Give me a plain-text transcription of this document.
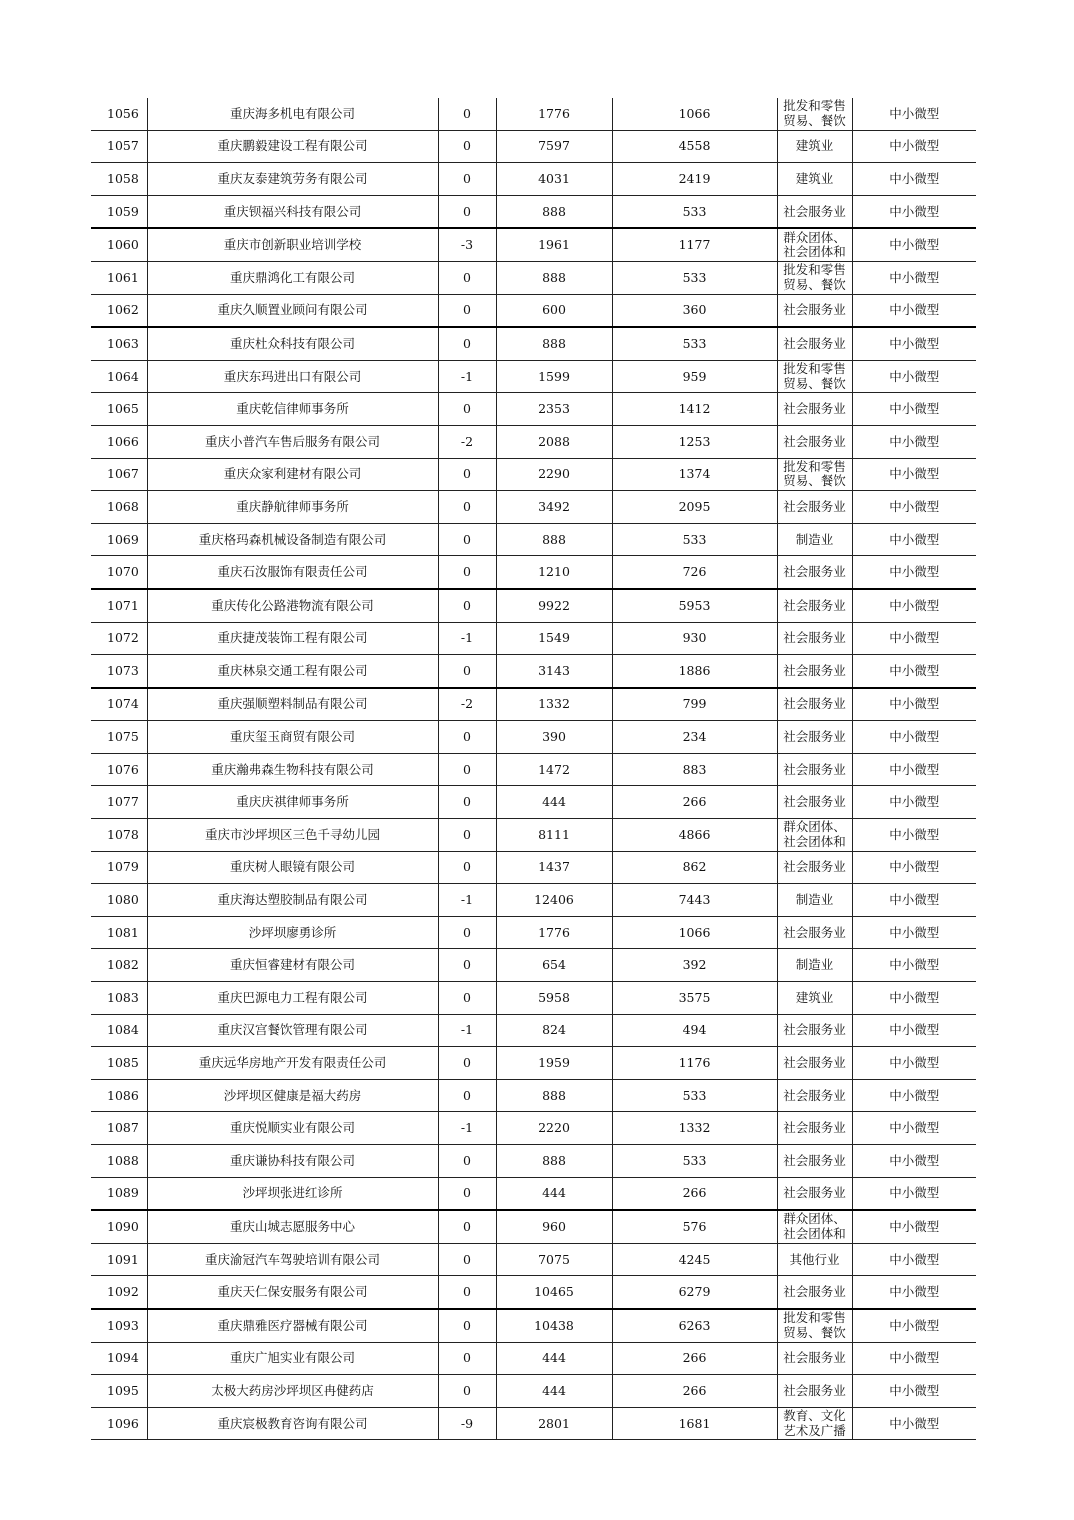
1056	重庆海多机电有限公司	0	1776	1066	批发和零售贸易、餐饮	中小微型
1057	重庆鹏毅建设工程有限公司	0	7597	4558	建筑业	中小微型
1058	重庆友泰建筑劳务有限公司	0	4031	2419	建筑业	中小微型
1059	重庆钡福兴科技有限公司	0	888	533	社会服务业	中小微型
1060	重庆市创新职业培训学校	-3	1961	1177	群众团体、社会团体和	中小微型
1061	重庆鼎鸿化工有限公司	0	888	533	批发和零售贸易、餐饮	中小微型
1062	重庆久顺置业顾问有限公司	0	600	360	社会服务业	中小微型
1063	重庆杜众科技有限公司	0	888	533	社会服务业	中小微型
1064	重庆东玛进出口有限公司	-1	1599	959	批发和零售贸易、餐饮	中小微型
1065	重庆乾信律师事务所	0	2353	1412	社会服务业	中小微型
1066	重庆小普汽车售后服务有限公司	-2	2088	1253	社会服务业	中小微型
1067	重庆众家利建材有限公司	0	2290	1374	批发和零售贸易、餐饮	中小微型
1068	重庆静航律师事务所	0	3492	2095	社会服务业	中小微型
1069	重庆格玛森机械设备制造有限公司	0	888	533	制造业	中小微型
1070	重庆石汝服饰有限责任公司	0	1210	726	社会服务业	中小微型
1071	重庆传化公路港物流有限公司	0	9922	5953	社会服务业	中小微型
1072	重庆捷茂装饰工程有限公司	-1	1549	930	社会服务业	中小微型
1073	重庆林泉交通工程有限公司	0	3143	1886	社会服务业	中小微型
1074	重庆强顺塑料制品有限公司	-2	1332	799	社会服务业	中小微型
1075	重庆玺玉商贸有限公司	0	390	234	社会服务业	中小微型
1076	重庆瀚弗森生物科技有限公司	0	1472	883	社会服务业	中小微型
1077	重庆庆祺律师事务所	0	444	266	社会服务业	中小微型
1078	重庆市沙坪坝区三色千寻幼儿园	0	8111	4866	群众团体、社会团体和	中小微型
1079	重庆树人眼镜有限公司	0	1437	862	社会服务业	中小微型
1080	重庆海达塑胶制品有限公司	-1	12406	7443	制造业	中小微型
1081	沙坪坝廖勇诊所	0	1776	1066	社会服务业	中小微型
1082	重庆恒睿建材有限公司	0	654	392	制造业	中小微型
1083	重庆巴源电力工程有限公司	0	5958	3575	建筑业	中小微型
1084	重庆汉宫餐饮管理有限公司	-1	824	494	社会服务业	中小微型
1085	重庆远华房地产开发有限责任公司	0	1959	1176	社会服务业	中小微型
1086	沙坪坝区健康是福大药房	0	888	533	社会服务业	中小微型
1087	重庆悦顺实业有限公司	-1	2220	1332	社会服务业	中小微型
1088	重庆谦协科技有限公司	0	888	533	社会服务业	中小微型
1089	沙坪坝张进红诊所	0	444	266	社会服务业	中小微型
1090	重庆山城志愿服务中心	0	960	576	群众团体、社会团体和	中小微型
1091	重庆渝冠汽车驾驶培训有限公司	0	7075	4245	其他行业	中小微型
1092	重庆天仁保安服务有限公司	0	10465	6279	社会服务业	中小微型
1093	重庆鼎雅医疗器械有限公司	0	10438	6263	批发和零售贸易、餐饮	中小微型
1094	重庆广旭实业有限公司	0	444	266	社会服务业	中小微型
1095	太极大药房沙坪坝区冉健药店	0	444	266	社会服务业	中小微型
1096	重庆宸极教育咨询有限公司	-9	2801	1681	教育、文化艺术及广播	中小微型
